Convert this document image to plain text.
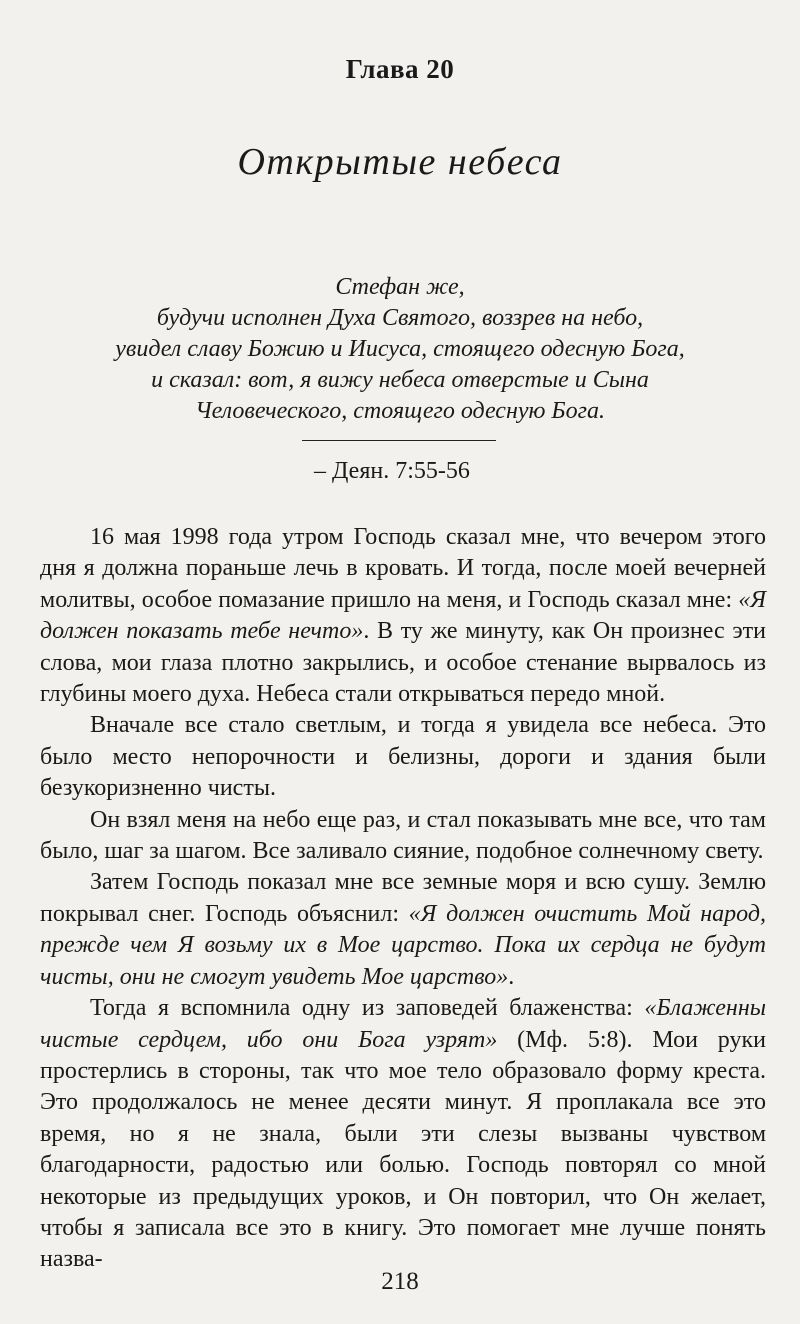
Глава 20
Открытые небеса
Стефан же,
будучи исполнен Духа Святого, воззрев на небо,
увидел славу Божию и Иисуса, стоящего одесную Бога,
и сказал: вот, я вижу небеса отверстые и Сына
Человеческого, стоящего одесную Бога.
– Деян. 7:55-56

16 мая 1998 года утром Господь сказал мне, что вечером этого дня я должна пораньше лечь в кровать. И тогда, после моей вечерней молитвы, особое помазание пришло на меня, и Господь сказал мне: «Я должен показать тебе нечто». В ту же минуту, как Он произнес эти слова, мои глаза плотно закрылись, и особое стенание вырвалось из глубины моего духа. Небеса стали открываться передо мной.

Вначале все стало светлым, и тогда я увидела все небеса. Это было место непорочности и белизны, дороги и здания были безукоризненно чисты.

Он взял меня на небо еще раз, и стал показывать мне все, что там было, шаг за шагом. Все заливало сияние, подобное солнечному свету.

Затем Господь показал мне все земные моря и всю сушу. Землю покрывал снег. Господь объяснил: «Я должен очистить Мой народ, прежде чем Я возьму их в Мое царство. Пока их сердца не будут чисты, они не смогут увидеть Мое царство».

Тогда я вспомнила одну из заповедей блаженства: «Блаженны чистые сердцем, ибо они Бога узрят» (Мф. 5:8). Мои руки простерлись в стороны, так что мое тело образовало форму креста. Это продолжалось не менее десяти минут. Я проплакала все это время, но я не знала, были эти слезы вызваны чувством благодарности, радостью или болью. Господь повторял со мной некоторые из предыдущих уроков, и Он повторил, что Он желает, чтобы я записала все это в книгу. Это помогает мне лучше понять назва-

218
